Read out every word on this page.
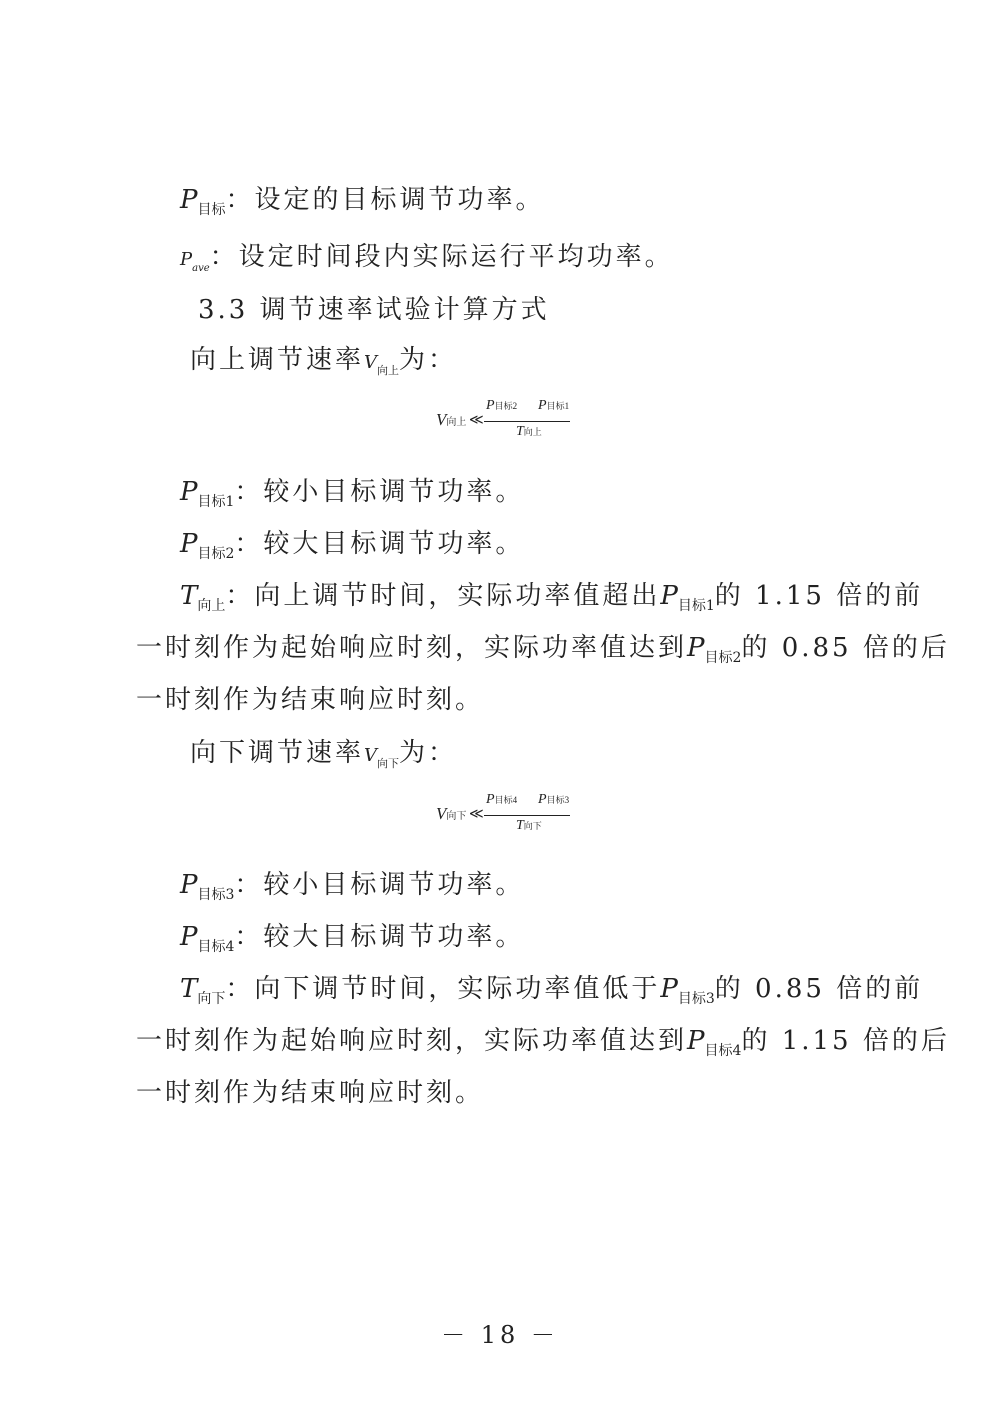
$P_{目标}$：设定的目标调节功率。
$P_{ave}$：设定时间段内实际运行平均功率。
3.3 调节速率试验计算方式
向上调节速率$V_{向上}$为：
V向上 ≪
P目标2 P目标1
T向上
$P_{目标1}$：较小目标调节功率。
$P_{目标2}$：较大目标调节功率。
$T_{向上}$：向上调节时间，实际功率值超出$P_{目标1}$的 1.15 倍的前
一时刻作为起始响应时刻，实际功率值达到$P_{目标2}$的 0.85 倍的后
一时刻作为结束响应时刻。
向下调节速率$V_{向下}$为：
V向下 ≪
P目标4 P目标3
T向下
$P_{目标3}$：较小目标调节功率。
$P_{目标4}$：较大目标调节功率。
$T_{向下}$：向下调节时间，实际功率值低于$P_{目标3}$的 0.85 倍的前
一时刻作为起始响应时刻，实际功率值达到$P_{目标4}$的 1.15 倍的后
一时刻作为结束响应时刻。
－ 18 －
